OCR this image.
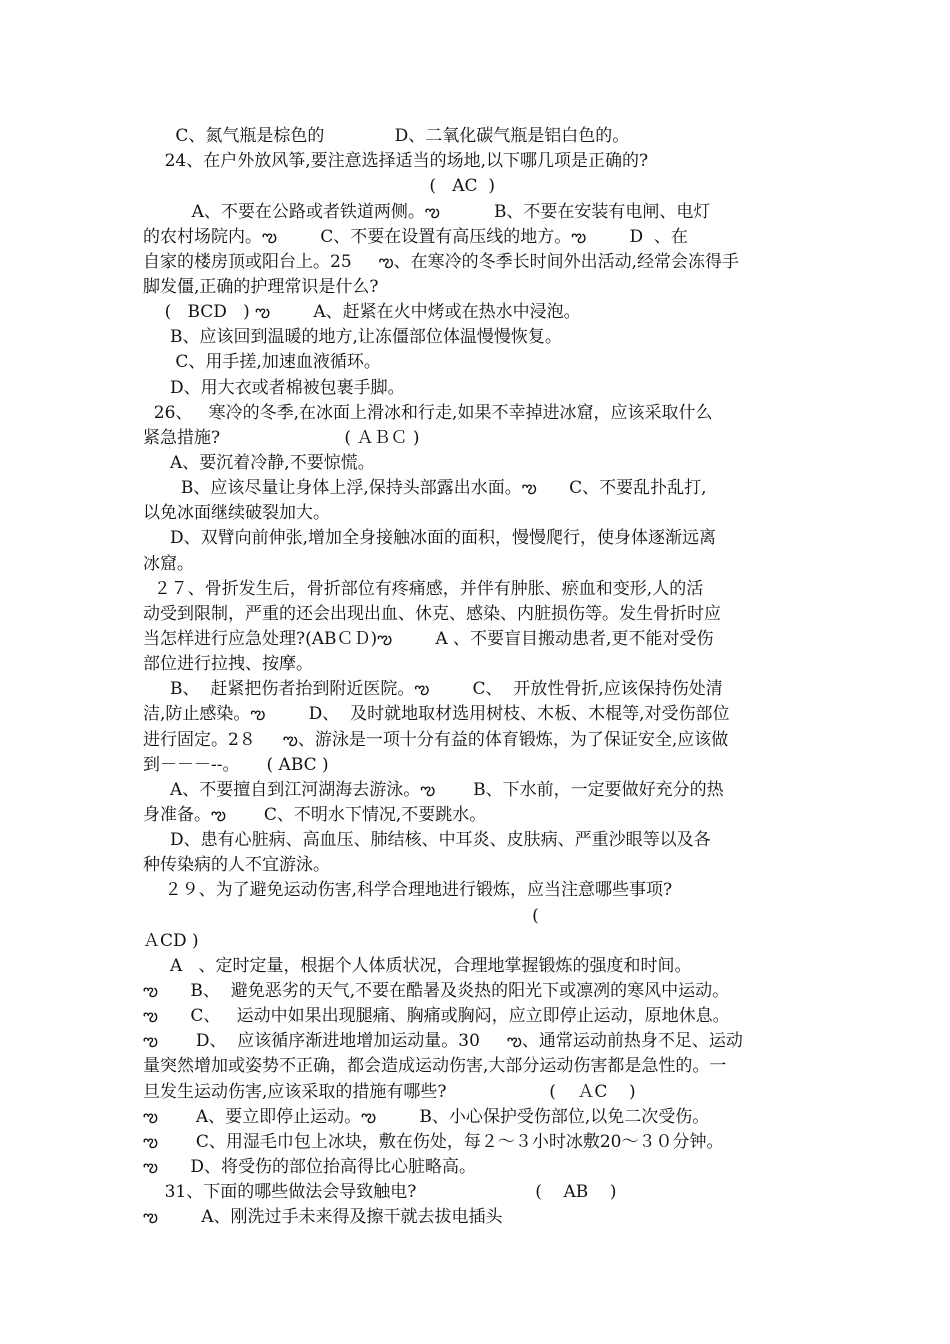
C、氮气瓶是棕色的             D、二氧化碳气瓶是铝白色的。
24、在户外放风筝,要注意选择适当的场地,以下哪几项是正确的?
(   AC  )
A、不要在公路或者铁道两侧。ఌ          B、不要在安装有电闸、电灯
的农村场院内。ఌ        C、不要在设置有高压线的地方。ఌ        D  、在
自家的楼房顶或阳台上。25     ఌ、在寒冷的冬季长时间外出活动,经常会冻得手
脚发僵,正确的护理常识是什么?
(   BCD   ) ఌ        A、赶紧在火中烤或在热水中浸泡。
B、应该回到温暖的地方,让冻僵部位体温慢慢恢复。
C、用手搓,加速血液循环。
D、用大衣或者棉被包裹手脚。
26、   寒冷的冬季,在冰面上滑冰和行走,如果不幸掉进冰窟，应该采取什么
紧急措施?                       ( ＡＢＣ )
A、要沉着冷静,不要惊慌。
B、应该尽量让身体上浮,保持头部露出水面。ఌ      C、不要乱扑乱打,
以免冰面继续破裂加大。
D、双臂向前伸张,增加全身接触冰面的面积，慢慢爬行，使身体逐渐远离
冰窟。
２７、骨折发生后，骨折部位有疼痛感，并伴有肿胀、瘀血和变形,人的活
动受到限制，严重的还会出现出血、休克、感染、内脏损伤等。发生骨折时应
当怎样进行应急处理?(ABＣＤ)ఌ        A 、不要盲目搬动患者,更不能对受伤
部位进行拉拽、按摩。
B、  赶紧把伤者抬到附近医院。ఌ        C、  开放性骨折,应该保持伤处清
洁,防止感染。ఌ        D、  及时就地取材选用树枝、木板、木棍等,对受伤部位
进行固定。2８     ఌ、游泳是一项十分有益的体育锻炼，为了保证安全,应该做
到－－－--。     ( ABC )
A、不要擅自到江河湖海去游泳。ఌ       B、下水前，一定要做好充分的热
身准备。ఌ       C、不明水下情况,不要跳水。
D、患有心脏病、高血压、肺结核、中耳炎、皮肤病、严重沙眼等以及各
种传染病的人不宜游泳。
２９、为了避免运动伤害,科学合理地进行锻炼，应当注意哪些事项?
(
ＡCD )
A   、定时定量，根据个人体质状况，合理地掌握锻炼的强度和时间。
ఌ      B、  避免恶劣的天气,不要在酷暑及炎热的阳光下或凛冽的寒风中运动。
ఌ      C、   运动中如果出现腿痛、胸痛或胸闷，应立即停止运动，原地休息。
ఌ       D、  应该循序渐进地增加运动量。30     ఌ、通常运动前热身不足、运动
量突然增加或姿势不正确，都会造成运动伤害,大部分运动伤害都是急性的。一
旦发生运动伤害,应该采取的措施有哪些?                   (    ＡC    )
ఌ       A、要立即停止运动。ఌ        B、小心保护受伤部位,以免二次受伤。
ఌ       C、用湿毛巾包上冰块，敷在伤处，每２～３小时冰敷20～３０分钟。
ఌ      D、将受伤的部位抬高得比心脏略高。
31、下面的哪些做法会导致触电?                      (    AB    )
ఌ        A、刚洗过手未来得及擦干就去拔电插头
